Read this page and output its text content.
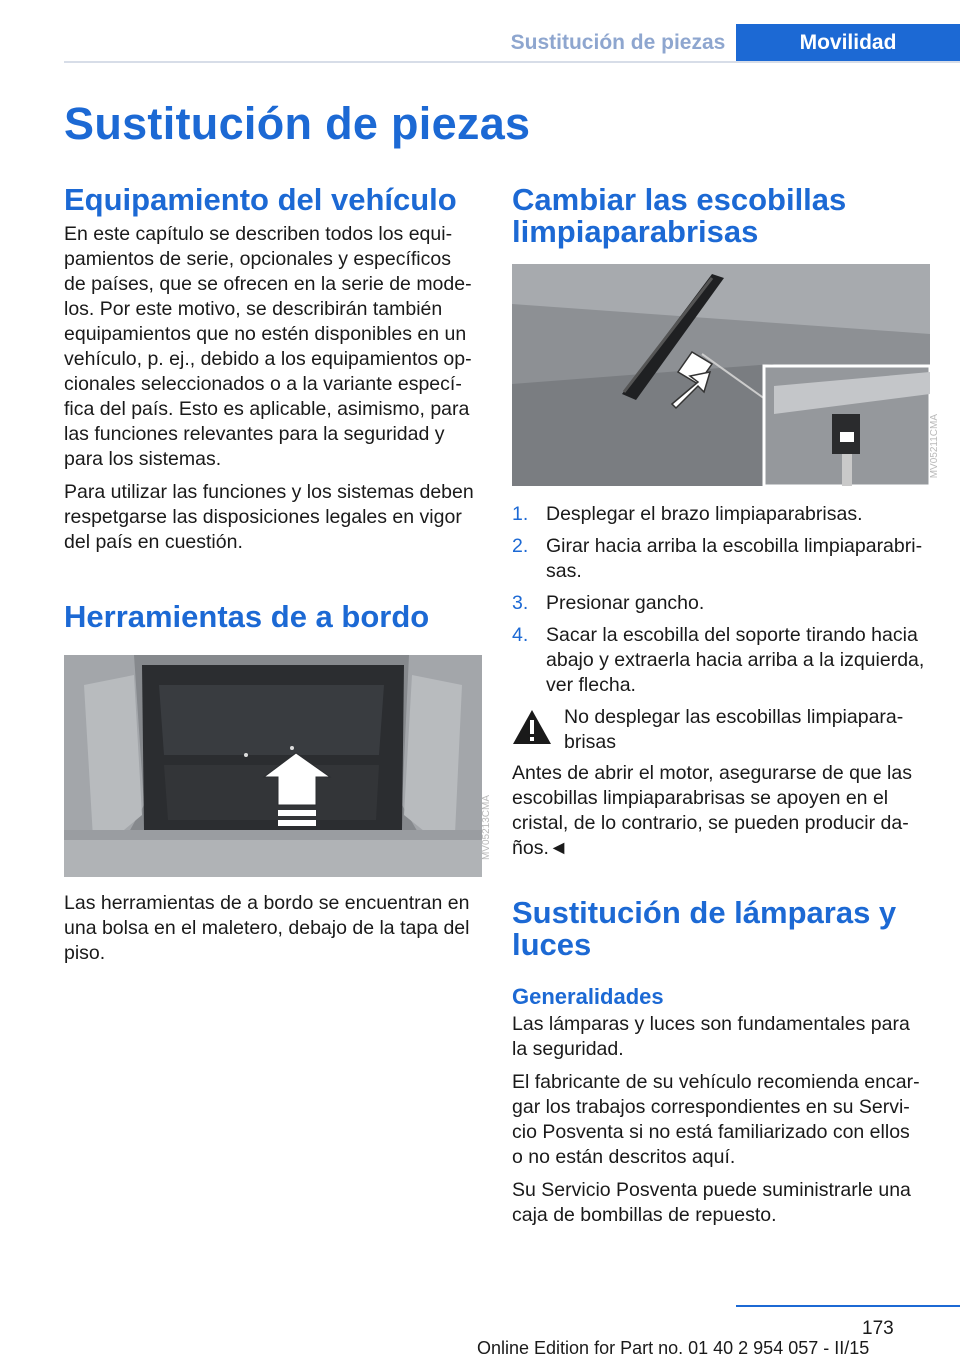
Sustitución de piezas	Movilidad
Sustitución de piezas
Equipamiento del vehículo

En este capítulo se describen todos los equi-
pamientos de serie, opcionales y específicos
de países, que se ofrecen en la serie de mode-
los. Por este motivo, se describirán también
equipamientos que no estén disponibles en un
vehículo, p. ej., debido a los equipamientos op-
cionales seleccionados o a la variante especí-
fica del país. Esto es aplicable, asimismo, para
las funciones relevantes para la seguridad y
para los sistemas.

Para utilizar las funciones y los sistemas deben
respetgarse las disposiciones legales en vigor
del país en cuestión.

Herramientas de a bordo
MV05213CMA

Las herramientas de a bordo se encuentran en
una bolsa en el maletero, debajo de la tapa del
piso.

Cambiar las escobillas
limpiaparabrisas
MV05211CMA
1. Desplegar el brazo limpiaparabrisas.
2. Girar hacia arriba la escobilla limpiaparabri-
sas.
3. Presionar gancho.
4. Sacar la escobilla del soporte tirando hacia
abajo y extraerla hacia arriba a la izquierda,
ver flecha.
No desplegar las escobillas limpiapara-
brisas

Antes de abrir el motor, asegurarse de que las
escobillas limpiaparabrisas se apoyen en el
cristal, de lo contrario, se pueden producir da-
ños.◄

Sustitución de lámparas y
luces
Generalidades

Las lámparas y luces son fundamentales para
la seguridad.

El fabricante de su vehículo recomienda encar-
gar los trabajos correspondientes en su Servi-
cio Posventa si no está familiarizado con ellos
o no están descritos aquí.

Su Servicio Posventa puede suministrarle una
caja de bombillas de repuesto.

173
Online Edition for Part no. 01 40 2 954 057 - II/15
